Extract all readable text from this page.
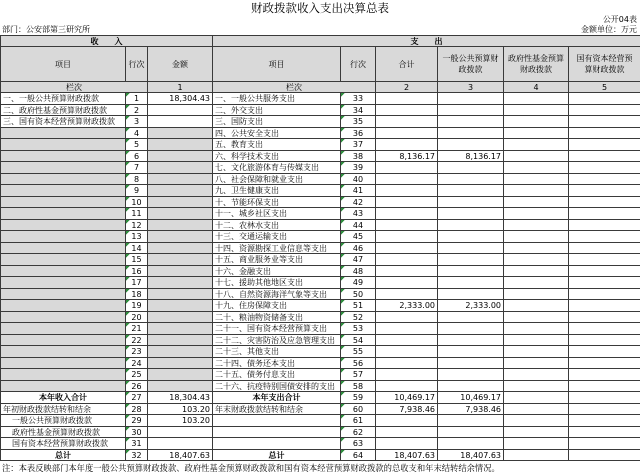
财政拨款收入支出决算总表
公开04表
部门：公安部第三研究所	金额单位：万元
收　　入			支　　出					
项目	行次	金额	项目	行次	合计	一般公共预算财政拨款	政府性基金预算财政拨款	国有资本经营预算财政拨款
栏次		1	栏次		2	3	4	5
一、一般公共预算财政拨款	1	18,304.43	一、一般公共服务支出	33				
二、政府性基金预算财政拨款	2		二、外交支出	34				
三、国有资本经营预算财政拨款	3		三、国防支出	35				
	4		四、公共安全支出	36				
	5		五、教育支出	37				
	6		六、科学技术支出	38	8,136.17	8,136.17		
	7		七、文化旅游体育与传媒支出	39				
	8		八、社会保障和就业支出	40				
	9		九、卫生健康支出	41				
	10		十、节能环保支出	42				
	11		十一、城乡社区支出	43				
	12		十二、农林水支出	44				
	13		十三、交通运输支出	45				
	14		十四、资源勘探工业信息等支出	46				
	15		十五、商业服务业等支出	47				
	16		十六、金融支出	48				
	17		十七、援助其他地区支出	49				
	18		十八、自然资源海洋气象等支出	50				
	19		十九、住房保障支出	51	2,333.00	2,333.00		
	20		二十、粮油物资储备支出	52				
	21		二十一、国有资本经营预算支出	53				
	22		二十二、灾害防治及应急管理支出	54				
	23		二十三、其他支出	55				
	24		二十四、债务还本支出	56				
	25		二十五、债务付息支出	57				
	26		二十六、抗疫特别国债安排的支出	58				
本年收入合计	27	18,304.43	本年支出合计	59	10,469.17	10,469.17		
年初财政拨款结转和结余	28	103.20	年末财政拨款结转和结余	60	7,938.46	7,938.46		
一般公共预算财政拨款	29	103.20		61				
政府性基金预算财政拨款	30			62				
国有资本经营预算财政拨款	31			63				
总计	32	18,407.63	总计	64	18,407.63	18,407.63		
注：本表反映部门本年度一般公共预算财政拨款、政府性基金预算财政拨款和国有资本经营预算财政拨款的总收支和年末结转结余情况。
